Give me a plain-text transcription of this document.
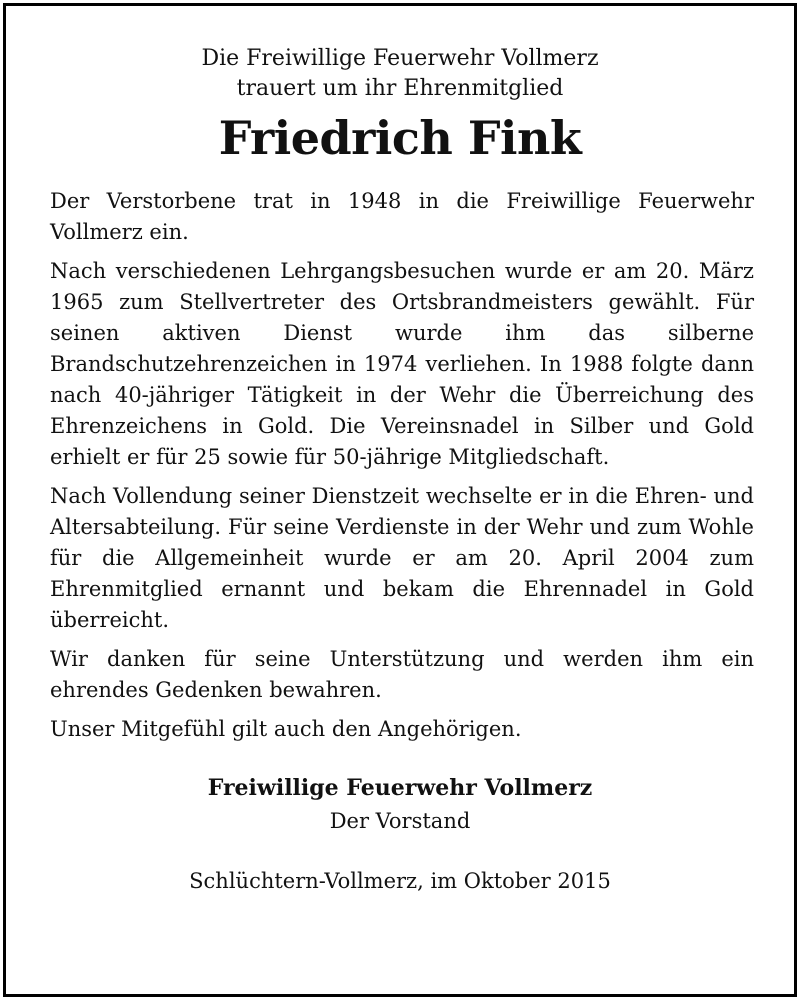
Die Freiwillige Feuerwehr Vollmerz

trauert um ihr Ehrenmitglied

Friedrich Fink

Der Verstorbene trat in 1948 in die Freiwillige Feuerwehr Vollmerz ein.

Nach verschiedenen Lehrgangsbesuchen wurde er am 20. März 1965 zum Stellvertreter des Ortsbrandmeisters gewählt. Für seinen aktiven Dienst wurde ihm das silberne Brandschutzehrenzeichen in 1974 verliehen. In 1988 folgte dann nach 40-jähriger Tätigkeit in der Wehr die Überreichung des Ehrenzeichens in Gold. Die Vereinsnadel in Silber und Gold erhielt er für 25 sowie für 50-jährige Mitgliedschaft.

Nach Vollendung seiner Dienstzeit wechselte er in die Ehren- und Altersabteilung. Für seine Verdienste in der Wehr und zum Wohle für die Allgemeinheit wurde er am 20. April 2004 zum Ehrenmitglied ernannt und bekam die Ehrennadel in Gold überreicht.

Wir danken für seine Unterstützung und werden ihm ein ehrendes Gedenken bewahren.

Unser Mitgefühl gilt auch den Angehörigen.

Freiwillige Feuerwehr Vollmerz

Der Vorstand

Schlüchtern-Vollmerz, im Oktober 2015
